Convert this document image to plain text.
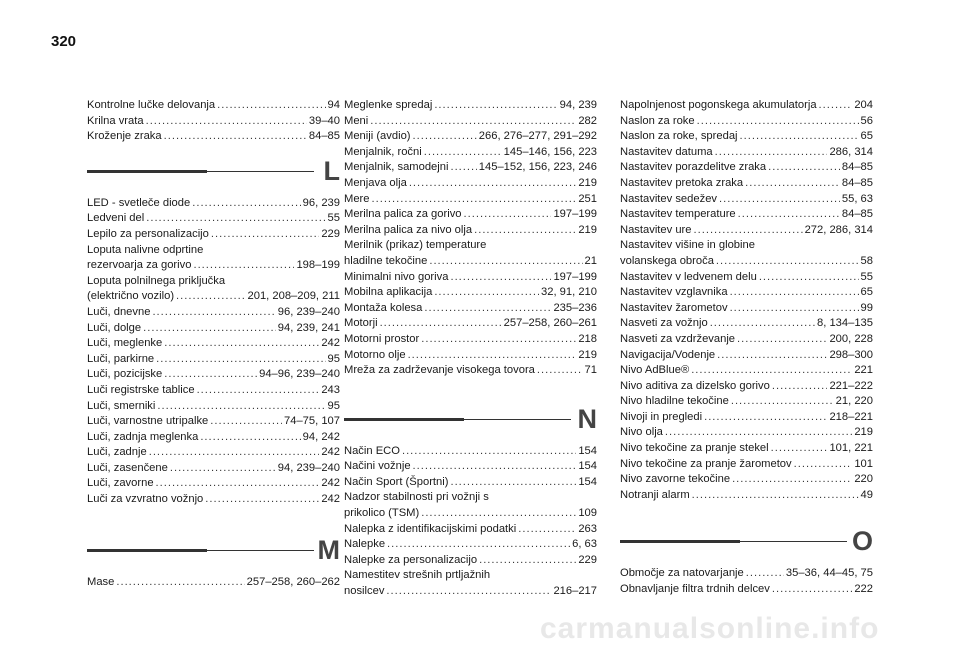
320
Kontrolne lučke delovanja .....	94
Krilna vrata .....	39–40
Kroženje zraka .....	84–85
L
LED - svetleče diode .....	96, 239
Ledveni del .....	55
Lepilo za personalizacijo .....	229
Loputa nalivne odprtine
rezervoarja za gorivo .....	198–199
Loputa polnilnega priključka
(električno vozilo) .....	201, 208–209, 211
Luči, dnevne .....	96, 239–240
Luči, dolge .....	94, 239, 241
Luči, meglenke .....	242
Luči, parkirne .....	95
Luči, pozicijske .....	94–96, 239–240
Luči registrske tablice .....	243
Luči, smerniki .....	95
Luči, varnostne utripalke .....	74–75, 107
Luči, zadnja meglenka .....	94, 242
Luči, zadnje .....	242
Luči, zasenčene .....	94, 239–240
Luči, zavorne .....	242
Luči za vzvratno vožnjo .....	242
M
Mase .....	257–258, 260–262
Meglenke spredaj .....	94, 239
Meni .....	282
Meniji (avdio) .....	266, 276–277, 291–292
Menjalnik, ročni .....	145–146, 156, 223
Menjalnik, samodejni .....	145–152, 156, 223, 246
Menjava olja .....	219
Mere .....	251
Merilna palica za gorivo .....	197–199
Merilna palica za nivo olja .....	219
Merilnik (prikaz) temperature
hladilne tekočine .....	21
Minimalni nivo goriva .....	197–199
Mobilna aplikacija .....	32, 91, 210
Montaža kolesa .....	235–236
Motorji .....	257–258, 260–261
Motorni prostor .....	218
Motorno olje .....	219
Mreža za zadrževanje visokega tovora .....	71
N
Način ECO .....	154
Načini vožnje .....	154
Način Sport (Športni) .....	154
Nadzor stabilnosti pri vožnji s
prikolico (TSM) .....	109
Nalepka z identifikacijskimi podatki .....	263
Nalepke .....	6, 63
Nalepke za personalizacijo .....	229
Namestitev strešnih prtljažnih
nosilcev .....	216–217
Napolnjenost pogonskega akumulatorja .....	204
Naslon za roke .....	56
Naslon za roke, spredaj .....	65
Nastavitev datuma .....	286, 314
Nastavitev porazdelitve zraka .....	84–85
Nastavitev pretoka zraka .....	84–85
Nastavitev sedežev .....	55, 63
Nastavitev temperature .....	84–85
Nastavitev ure .....	272, 286, 314
Nastavitev višine in globine
volanskega obroča .....	58
Nastavitev v ledvenem delu .....	55
Nastavitev vzglavnika .....	65
Nastavitev žarometov .....	99
Nasveti za vožnjo .....	8, 134–135
Nasveti za vzdrževanje .....	200, 228
Navigacija/Vodenje .....	298–300
Nivo AdBlue® .....	221
Nivo aditiva za dizelsko gorivo .....	221–222
Nivo hladilne tekočine .....	21, 220
Nivoji in pregledi .....	218–221
Nivo olja .....	219
Nivo tekočine za pranje stekel .....	101, 221
Nivo tekočine za pranje žarometov .....	101
Nivo zavorne tekočine .....	220
Notranji alarm .....	49
O
Območje za natovarjanje .....	35–36, 44–45, 75
Obnavljanje filtra trdnih delcev .....	222
carmanualsonline.info
